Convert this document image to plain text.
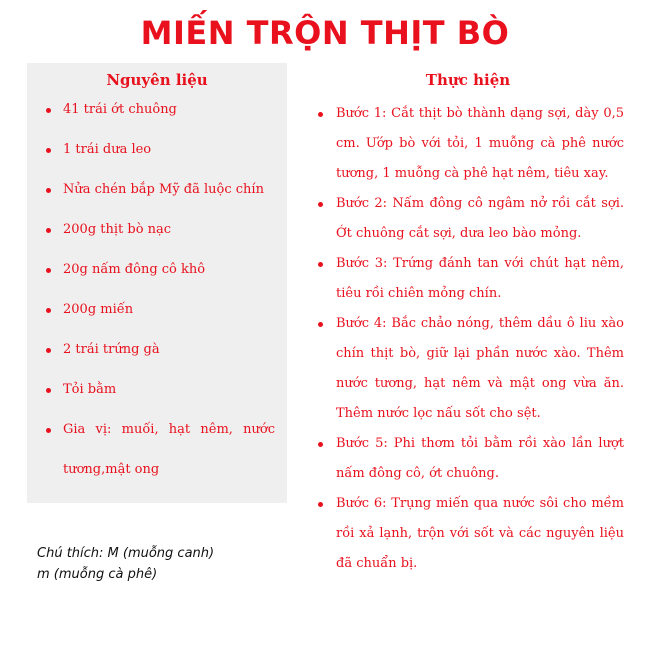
MIẾN TRỘN THỊT BÒ
Nguyên liệu
41 trái ớt chuông
1 trái dưa leo
Nửa chén bắp Mỹ đã luộc chín
200g thịt bò nạc
20g nấm đông cô khô
200g miến
2 trái trứng gà
Tỏi bằm
Gia vị: muối, hạt nêm, nước tương,mật ong
Thực hiện
Bước 1: Cắt thịt bò thành dạng sợi, dày 0,5 cm. Ướp bò với tỏi, 1 muỗng cà phê nước tương, 1 muỗng cà phê hạt nêm, tiêu xay.
Bước 2: Nấm đông cô ngâm nở rồi cắt sợi. Ớt chuông cắt sợi, dưa leo bào mỏng.
Bước 3: Trứng đánh tan với chút hạt nêm, tiêu rồi chiên mỏng chín.
Bước 4: Bắc chảo nóng, thêm dầu ô liu xào chín thịt bò, giữ lại phần nước xào. Thêm nước tương, hạt nêm và mật ong vừa ăn. Thêm nước lọc nấu sốt cho sệt.
Bước 5: Phi thơm tỏi bằm rồi xào lần lượt nấm đông cô, ớt chuông.
Bước 6: Trụng miến qua nước sôi cho mềm rồi xả lạnh, trộn với sốt và các nguyên liệu đã chuẩn bị.
Chú thích: M (muỗng canh)
m (muỗng cà phê)
